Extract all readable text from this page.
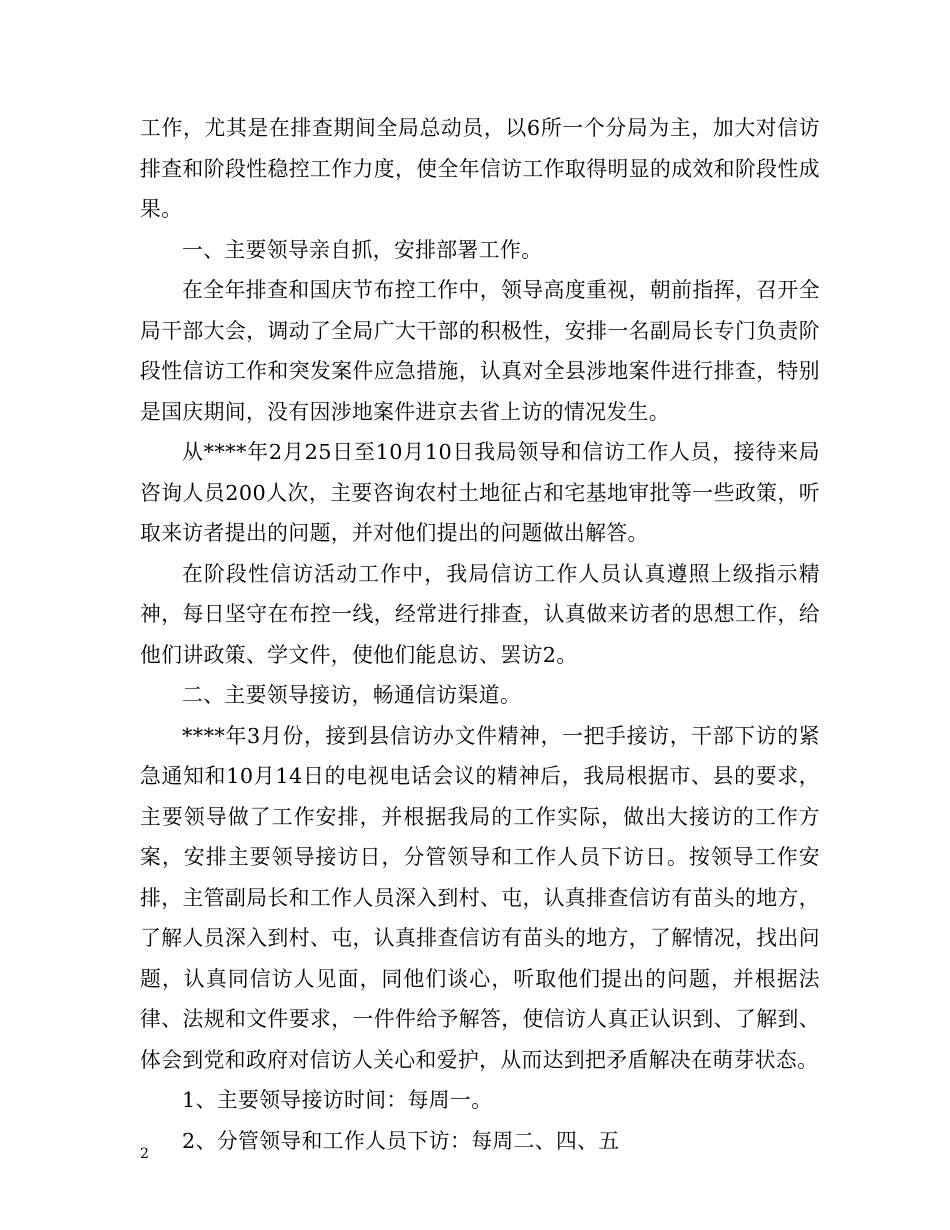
工作，尤其是在排查期间全局总动员，以6所一个分局为主，加大对信访排查和阶段性稳控工作力度，使全年信访工作取得明显的成效和阶段性成果。

一、主要领导亲自抓，安排部署工作。

在全年排查和国庆节布控工作中，领导高度重视，朝前指挥，召开全局干部大会，调动了全局广大干部的积极性，安排一名副局长专门负责阶段性信访工作和突发案件应急措施，认真对全县涉地案件进行排查，特别是国庆期间，没有因涉地案件进京去省上访的情况发生。

从****年2月25日至10月10日我局领导和信访工作人员，接待来局咨询人员200人次，主要咨询农村土地征占和宅基地审批等一些政策，听取来访者提出的问题，并对他们提出的问题做出解答。

在阶段性信访活动工作中，我局信访工作人员认真遵照上级指示精神，每日坚守在布控一线，经常进行排查，认真做来访者的思想工作，给他们讲政策、学文件，使他们能息访、罢访2。

二、主要领导接访，畅通信访渠道。

****年3月份，接到县信访办文件精神，一把手接访，干部下访的紧急通知和10月14日的电视电话会议的精神后，我局根据市、县的要求，主要领导做了工作安排，并根据我局的工作实际，做出大接访的工作方案，安排主要领导接访日，分管领导和工作人员下访日。按领导工作安排，主管副局长和工作人员深入到村、屯，认真排查信访有苗头的地方，了解人员深入到村、屯，认真排查信访有苗头的地方，了解情况，找出问题，认真同信访人见面，同他们谈心，听取他们提出的问题，并根据法律、法规和文件要求，一件件给予解答，使信访人真正认识到、了解到、体会到党和政府对信访人关心和爱护，从而达到把矛盾解决在萌芽状态。

1、主要领导接访时间：每周一。

2、分管领导和工作人员下访：每周二、四、五

2
